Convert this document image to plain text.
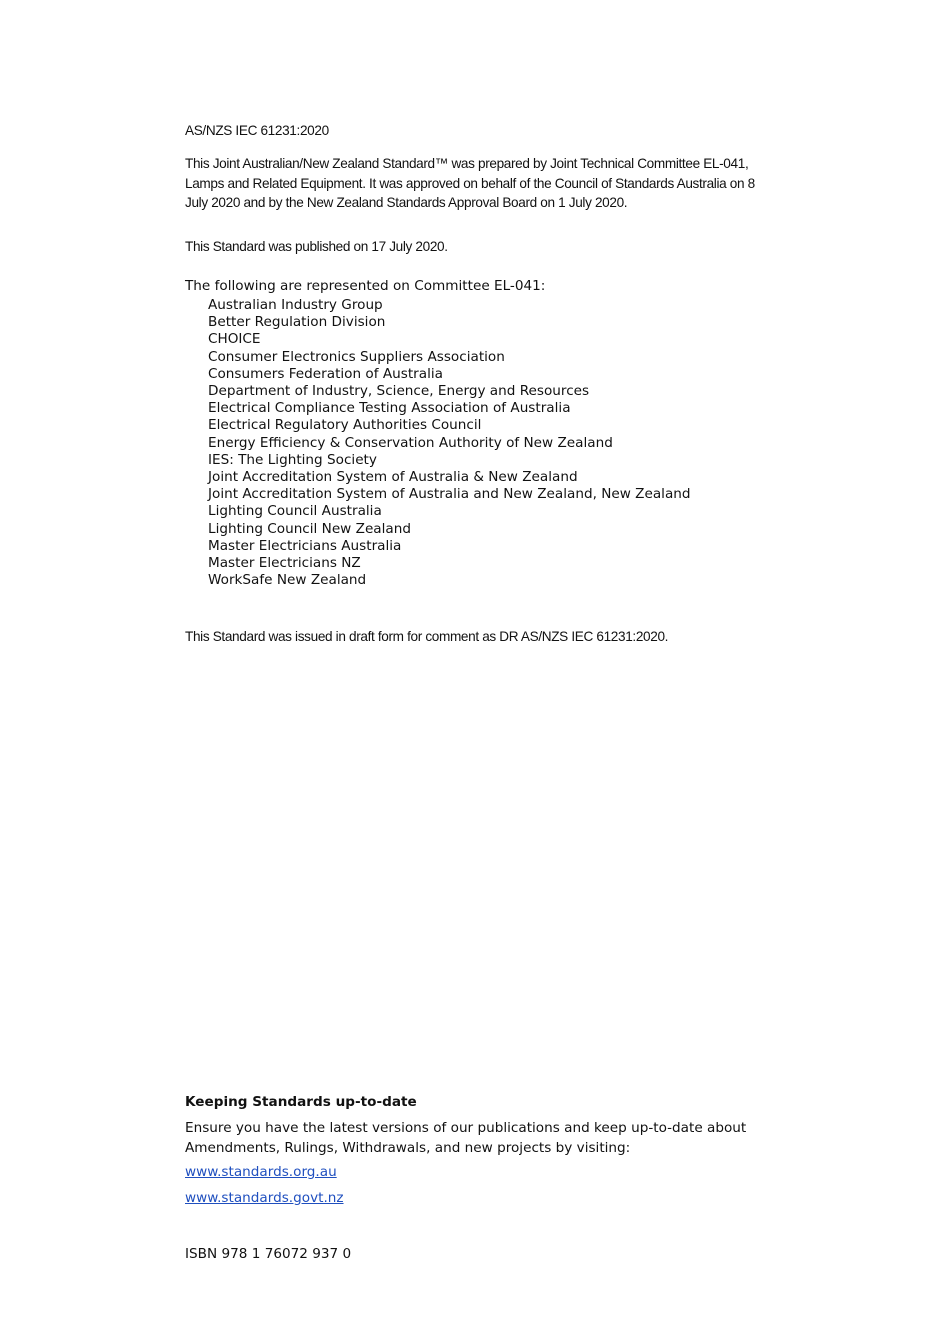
AS/NZS IEC 61231:2020

This Joint Australian/New Zealand Standard™ was prepared by Joint Technical Committee EL-041, Lamps and Related Equipment. It was approved on behalf of the Council of Standards Australia on 8 July 2020 and by the New Zealand Standards Approval Board on 1 July 2020.

This Standard was published on 17 July 2020.

The following are represented on Committee EL-041:

Australian Industry Group
Better Regulation Division
CHOICE
Consumer Electronics Suppliers Association
Consumers Federation of Australia
Department of Industry, Science, Energy and Resources
Electrical Compliance Testing Association of Australia
Electrical Regulatory Authorities Council
Energy Efficiency & Conservation Authority of New Zealand
IES: The Lighting Society
Joint Accreditation System of Australia & New Zealand
Joint Accreditation System of Australia and New Zealand, New Zealand
Lighting Council Australia
Lighting Council New Zealand
Master Electricians Australia
Master Electricians NZ
WorkSafe New Zealand

This Standard was issued in draft form for comment as DR AS/NZS IEC 61231:2020.

Keeping Standards up-to-date

Ensure you have the latest versions of our publications and keep up-to-date about Amendments, Rulings, Withdrawals, and new projects by visiting:

www.standards.org.au

www.standards.govt.nz

ISBN 978 1 76072 937 0
